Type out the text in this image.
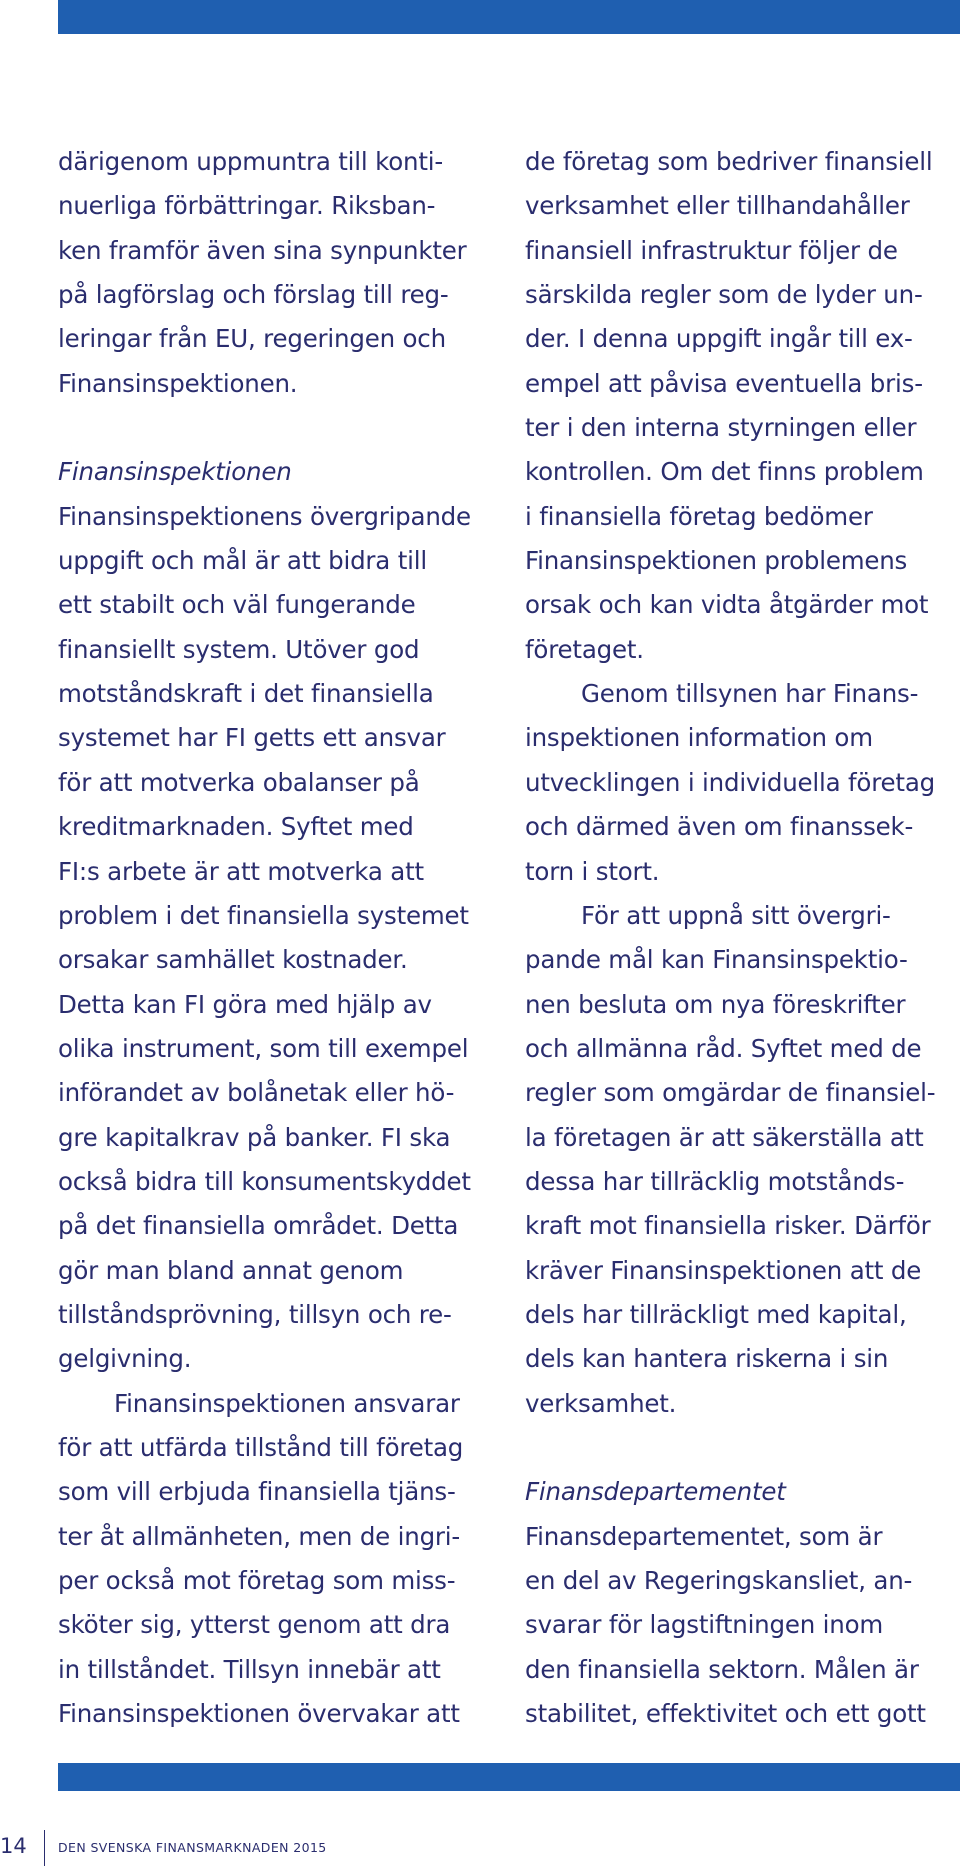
därigenom uppmuntra till konti-
nuerliga förbättringar. Riksban-
ken framför även sina synpunkter
på lagförslag och förslag till reg-
leringar från EU, regeringen och
Finansinspektionen.
Finansinspektionen
Finansinspektionens övergripande
uppgift och mål är att bidra till
ett stabilt och väl fungerande
finansiellt system. Utöver god
motståndskraft i det finansiella
systemet har FI getts ett ansvar
för att motverka obalanser på
kreditmarknaden. Syftet med
FI:s arbete är att motverka att
problem i det finansiella systemet
orsakar samhället kostnader.
Detta kan FI göra med hjälp av
olika instrument, som till exempel
införandet av bolånetak eller hö-
gre kapitalkrav på banker. FI ska
också bidra till konsumentskyddet
på det finansiella området. Detta
gör man bland annat genom
tillståndsprövning, tillsyn och re-
gelgivning.
Finansinspektionen ansvarar
för att utfärda tillstånd till företag
som vill erbjuda finansiella tjäns-
ter åt allmänheten, men de ingri-
per också mot företag som miss-
sköter sig, ytterst genom att dra
in tillståndet. Tillsyn innebär att
Finansinspektionen övervakar att
de företag som bedriver finansiell
verksamhet eller tillhandahåller
finansiell infrastruktur följer de
särskilda regler som de lyder un-
der. I denna uppgift ingår till ex-
empel att påvisa eventuella bris-
ter i den interna styrningen eller
kontrollen. Om det finns problem
i finansiella företag bedömer
Finansinspektionen problemens
orsak och kan vidta åtgärder mot
företaget.
Genom tillsynen har Finans-
inspektionen information om
utvecklingen i individuella företag
och därmed även om finanssek-
torn i stort.
För att uppnå sitt övergri-
pande mål kan Finansinspektio-
nen besluta om nya föreskrifter
och allmänna råd. Syftet med de
regler som omgärdar de finansiel-
la företagen är att säkerställa att
dessa har tillräcklig motstånds-
kraft mot finansiella risker. Därför
kräver Finansinspektionen att de
dels har tillräckligt med kapital,
dels kan hantera riskerna i sin
verksamhet.
Finansdepartementet
Finansdepartementet, som är
en del av Regeringskansliet, an-
svarar för lagstiftningen inom
den finansiella sektorn. Målen är
stabilitet, effektivitet och ett gott
14	DEN SVENSKA FINANSMARKNADEN 2015
